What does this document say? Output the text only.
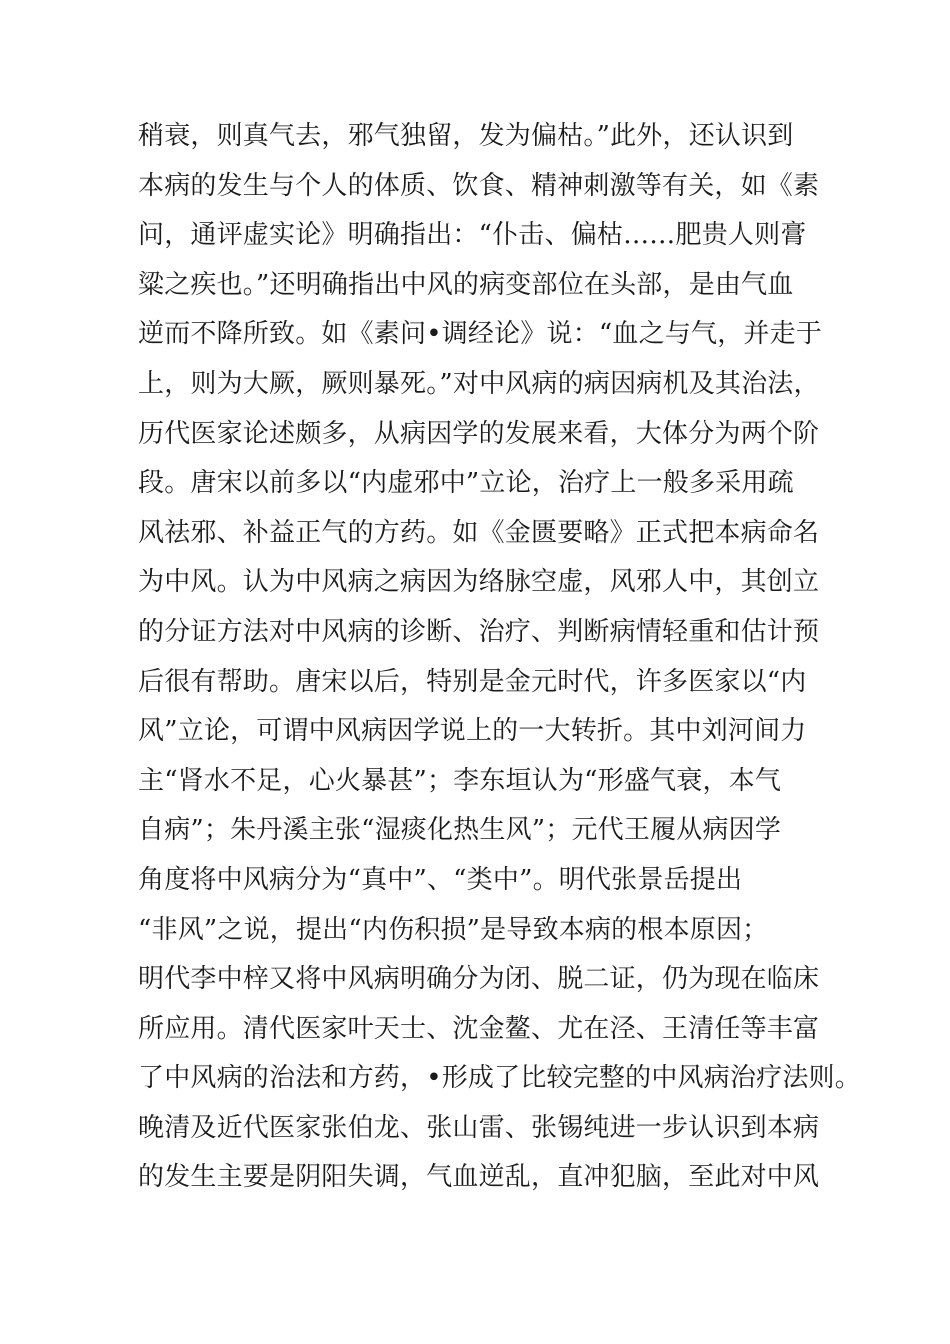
稍衰，则真气去，邪气独留，发为偏枯。”此外，还认识到
本病的发生与个人的体质、饮食、精神刺激等有关，如《素
问，通评虚实论》明确指出：“仆击、偏枯……肥贵人则膏
粱之疾也。”还明确指出中风的病变部位在头部，是由气血
逆而不降所致。如《素问•调经论》说：“血之与气，并走于
上，则为大厥，厥则暴死。”对中风病的病因病机及其治法，
历代医家论述颇多，从病因学的发展来看，大体分为两个阶
段。唐宋以前多以“内虚邪中”立论，治疗上一般多采用疏
风祛邪、补益正气的方药。如《金匮要略》正式把本病命名
为中风。认为中风病之病因为络脉空虚，风邪人中，其创立
的分证方法对中风病的诊断、治疗、判断病情轻重和估计预
后很有帮助。唐宋以后，特别是金元时代，许多医家以“内
风”立论，可谓中风病因学说上的一大转折。其中刘河间力
主“肾水不足，心火暴甚”；李东垣认为“形盛气衰，本气
自病”；朱丹溪主张“湿痰化热生风”；元代王履从病因学
角度将中风病分为“真中”、“类中”。明代张景岳提出
“非风”之说，提出“内伤积损”是导致本病的根本原因；
明代李中梓又将中风病明确分为闭、脱二证，仍为现在临床
所应用。清代医家叶天士、沈金鳌、尤在泾、王清任等丰富
了中风病的治法和方药，•形成了比较完整的中风病治疗法则。
晚清及近代医家张伯龙、张山雷、张锡纯进一步认识到本病
的发生主要是阴阳失调，气血逆乱，直冲犯脑，至此对中风
